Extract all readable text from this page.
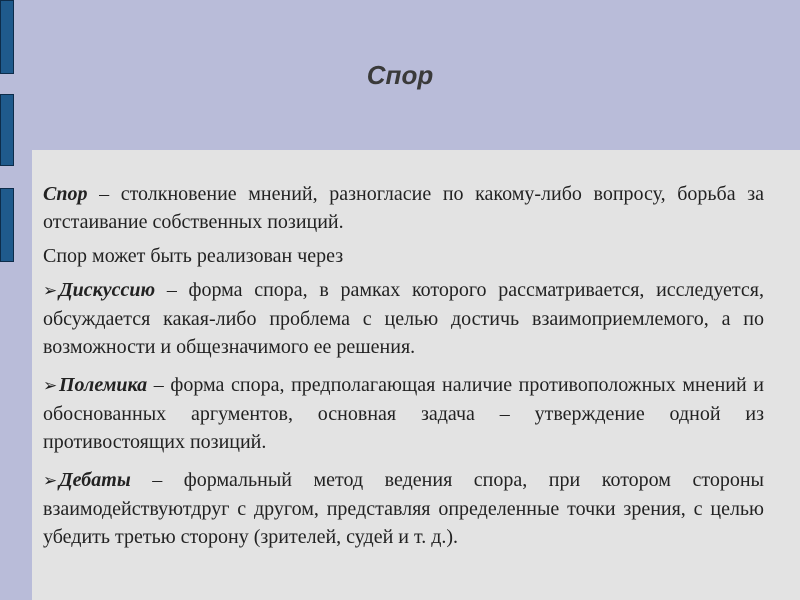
Спор

Спор – столкновение мнений, разногласие по какому-либо вопросу, борьба за отстаивание собственных позиций.

Спор может быть реализован через

➢Дискуссию – форма спора, в рамках которого рассматривается, исследуется, обсуждается какая-либо проблема с целью достичь взаимоприемлемого, а по возможности и общезначимого ее решения.

➢Полемика – форма спора, предполагающая наличие противоположных мнений и обоснованных аргументов, основная задача – утверждение одной из противостоящих позиций.

➢Дебаты – формальный метод ведения спора, при котором стороны взаимодействуютдруг с другом, представляя определенные точки зрения, с целью убедить третью сторону (зрителей, судей и т. д.).
